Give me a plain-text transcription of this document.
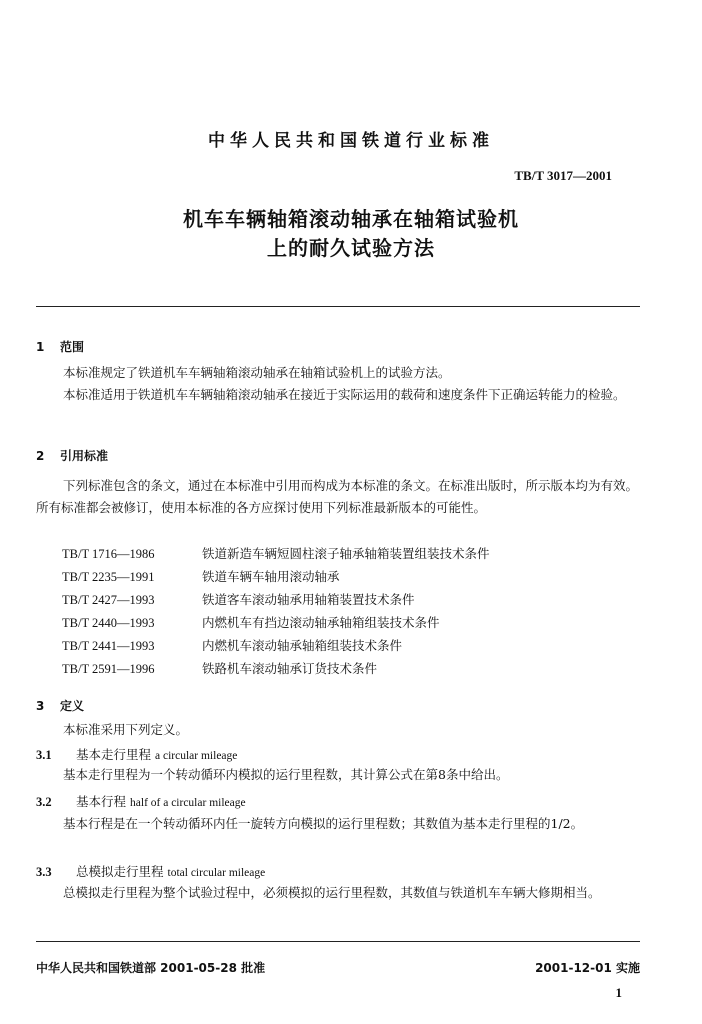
中华人民共和国铁道行业标准
TB/T 3017—2001
机车车辆轴箱滚动轴承在轴箱试验机
上的耐久试验方法
1 范围
本标准规定了铁道机车车辆轴箱滚动轴承在轴箱试验机上的试验方法。
本标准适用于铁道机车车辆轴箱滚动轴承在接近于实际运用的载荷和速度条件下正确运转能力的检验。
2 引用标准
下列标准包含的条文，通过在本标准中引用而构成为本标准的条文。在标准出版时，所示版本均为有效。所有标准都会被修订，使用本标准的各方应探讨使用下列标准最新版本的可能性。
TB/T 1716—1986	铁道新造车辆短圆柱滚子轴承轴箱装置组装技术条件
TB/T 2235—1991	铁道车辆车轴用滚动轴承
TB/T 2427—1993	铁道客车滚动轴承用轴箱装置技术条件
TB/T 2440—1993	内燃机车有挡边滚动轴承轴箱组装技术条件
TB/T 2441—1993	内燃机车滚动轴承轴箱组装技术条件
TB/T 2591—1996	铁路机车滚动轴承订货技术条件
3 定义
本标准采用下列定义。
3.1 基本走行里程 a circular mileage
基本走行里程为一个转动循环内模拟的运行里程数，其计算公式在第8条中给出。
3.2 基本行程 half of a circular mileage
基本行程是在一个转动循环内任一旋转方向模拟的运行里程数；其数值为基本走行里程的1/2。
3.3 总模拟走行里程 total circular mileage
总模拟走行里程为整个试验过程中，必须模拟的运行里程数，其数值与铁道机车车辆大修期相当。
中华人民共和国铁道部 2001-05-28 批准	2001-12-01 实施
1
